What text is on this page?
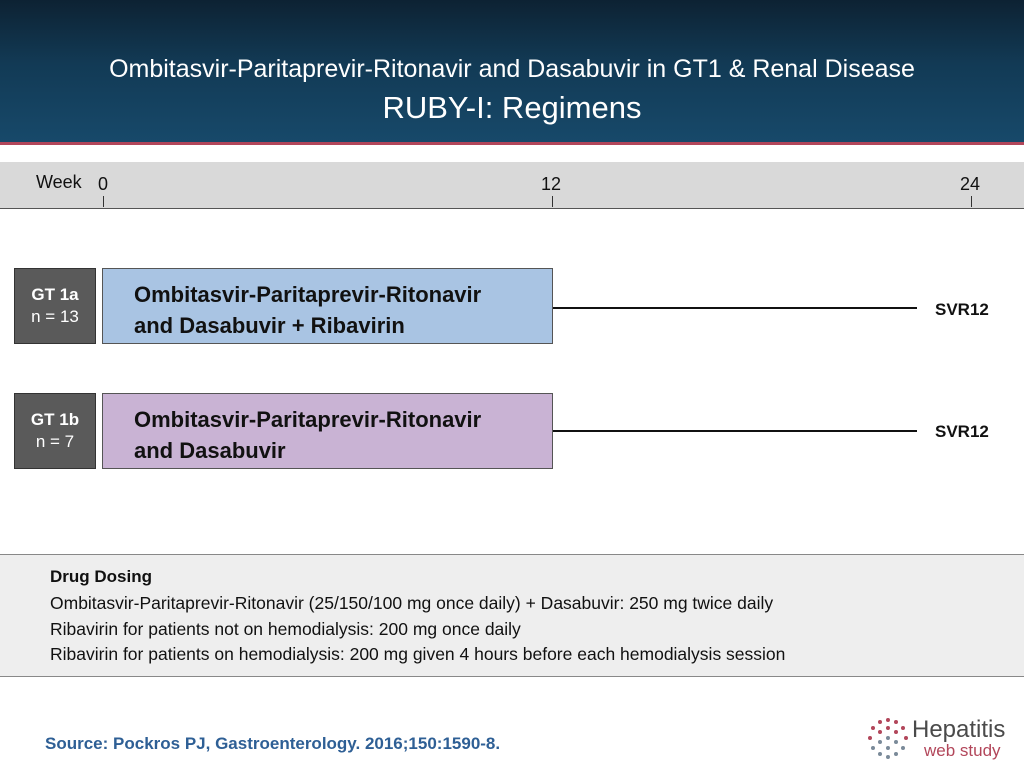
Ombitasvir-Paritaprevir-Ritonavir and Dasabuvir in GT1 & Renal Disease
RUBY-I: Regimens
Week 0	12	24
GT 1a
n = 13
Ombitasvir-Paritaprevir-Ritonavir
and Dasabuvir + Ribavirin
SVR12
GT 1b
n = 7
Ombitasvir-Paritaprevir-Ritonavir
and Dasabuvir
SVR12
Drug Dosing
Ombitasvir-Paritaprevir-Ritonavir (25/150/100 mg once daily) + Dasabuvir: 250 mg twice daily
Ribavirin for patients not on hemodialysis: 200 mg once daily
Ribavirin for patients on hemodialysis: 200 mg given 4 hours before each hemodialysis session
Source: Pockros PJ, Gastroenterology. 2016;150:1590-8.
Hepatitis
web study
